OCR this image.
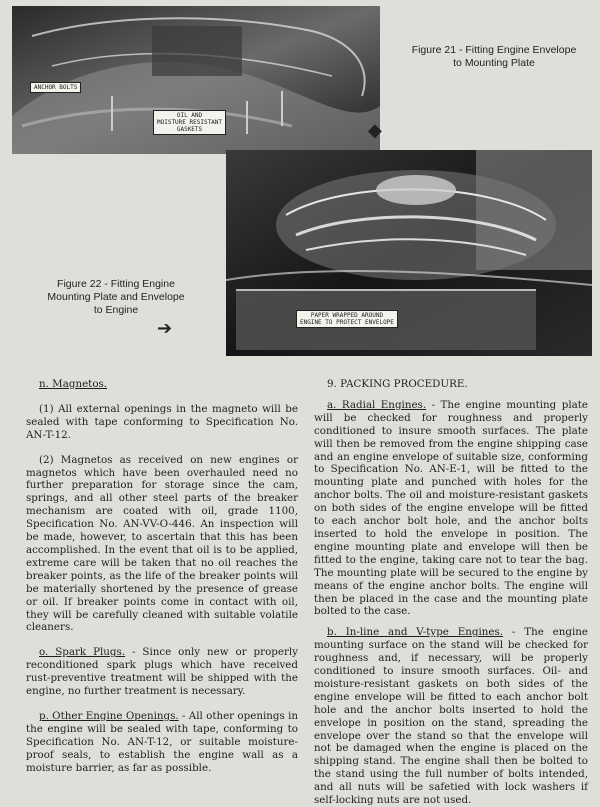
ANCHOR BOLTS
OIL AND
MOISTURE RESISTANT
GASKETS
Figure 21 - Fitting Engine Envelope
to Mounting Plate
PAPER WRAPPED AROUND
ENGINE TO PROTECT ENVELOPE
Figure 22 - Fitting Engine
Mounting Plate and Envelope
to Engine
◆
➔

n. Magnetos.

(1) All external openings in the magneto will be sealed with tape conforming to Specification No. AN-T-12.

(2) Magnetos as received on new engines or magnetos which have been overhauled need no further preparation for storage since the cam, springs, and all other steel parts of the breaker mechanism are coated with oil, grade 1100, Specification No. AN-VV-O-446. An inspection will be made, however, to ascertain that this has been accomplished. In the event that oil is to be applied, extreme care will be taken that no oil reaches the breaker points, as the life of the breaker points will be materially shortened by the presence of grease or oil. If breaker points come in contact with oil, they will be carefully cleaned with suitable volatile cleaners.

o. Spark Plugs. - Since only new or properly reconditioned spark plugs which have received rust-preventive treatment will be shipped with the engine, no further treatment is necessary.

p. Other Engine Openings. - All other openings in the engine will be sealed with tape, conforming to Specification No. AN-T-12, or suitable moisture-proof seals, to establish the engine wall as a moisture barrier, as far as possible.

9. PACKING PROCEDURE.

a. Radial Engines. - The engine mounting plate will be checked for roughness and properly conditioned to insure smooth surfaces. The plate will then be removed from the engine shipping case and an engine envelope of suitable size, conforming to Specification No. AN-E-1, will be fitted to the mounting plate and punched with holes for the anchor bolts. The oil and moisture-resistant gaskets on both sides of the engine envelope will be fitted to each anchor bolt hole, and the anchor bolts inserted to hold the envelope in position. The engine mounting plate and envelope will then be fitted to the engine, taking care not to tear the bag. The mounting plate will be secured to the engine by means of the engine anchor bolts. The engine will then be placed in the case and the mounting plate bolted to the case.

b. In-line and V-type Engines. - The engine mounting surface on the stand will be checked for roughness and, if necessary, will be properly conditioned to insure smooth surfaces. Oil- and moisture-resistant gaskets on both sides of the engine envelope will be fitted to each anchor bolt hole and the anchor bolts inserted to hold the envelope in position on the stand, spreading the envelope over the stand so that the envelope will not be damaged when the engine is placed on the shipping stand. The engine shall then be bolted to the stand using the full number of bolts intended, and all nuts will be safetied with lock washers if self-locking nuts are not used.
